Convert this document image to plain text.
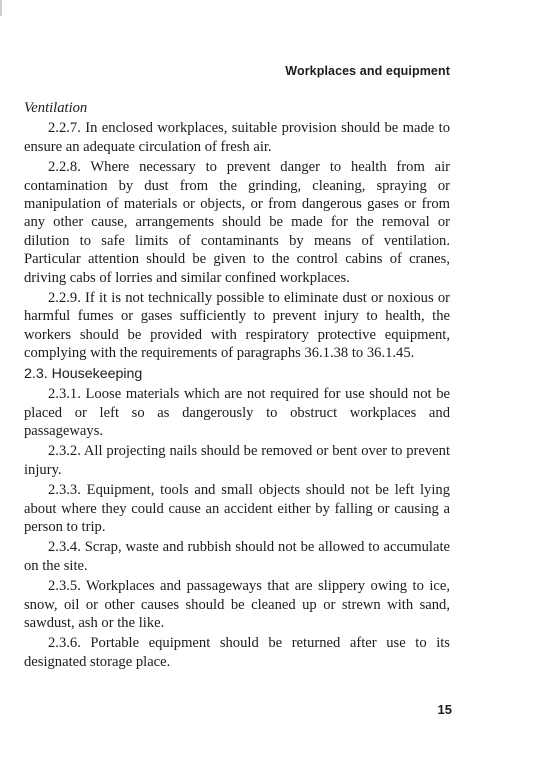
Workplaces and equipment

Ventilation

2.2.7. In enclosed workplaces, suitable provision should be made to ensure an adequate circulation of fresh air.

2.2.8. Where necessary to prevent danger to health from air contamination by dust from the grinding, cleaning, spraying or manipulation of materials or objects, or from dangerous gases or from any other cause, arrangements should be made for the removal or dilution to safe limits of contaminants by means of ventilation. Particular attention should be given to the control cabins of cranes, driving cabs of lorries and similar confined workplaces.

2.2.9. If it is not technically possible to eliminate dust or noxious or harmful fumes or gases sufficiently to prevent injury to health, the workers should be provided with respiratory protective equipment, complying with the requirements of paragraphs 36.1.38 to 36.1.45.

2.3. Housekeeping

2.3.1. Loose materials which are not required for use should not be placed or left so as dangerously to obstruct workplaces and passageways.

2.3.2. All projecting nails should be removed or bent over to prevent injury.

2.3.3. Equipment, tools and small objects should not be left lying about where they could cause an accident either by falling or causing a person to trip.

2.3.4. Scrap, waste and rubbish should not be allowed to accumulate on the site.

2.3.5. Workplaces and passageways that are slippery owing to ice, snow, oil or other causes should be cleaned up or strewn with sand, sawdust, ash or the like.

2.3.6. Portable equipment should be returned after use to its designated storage place.

15
